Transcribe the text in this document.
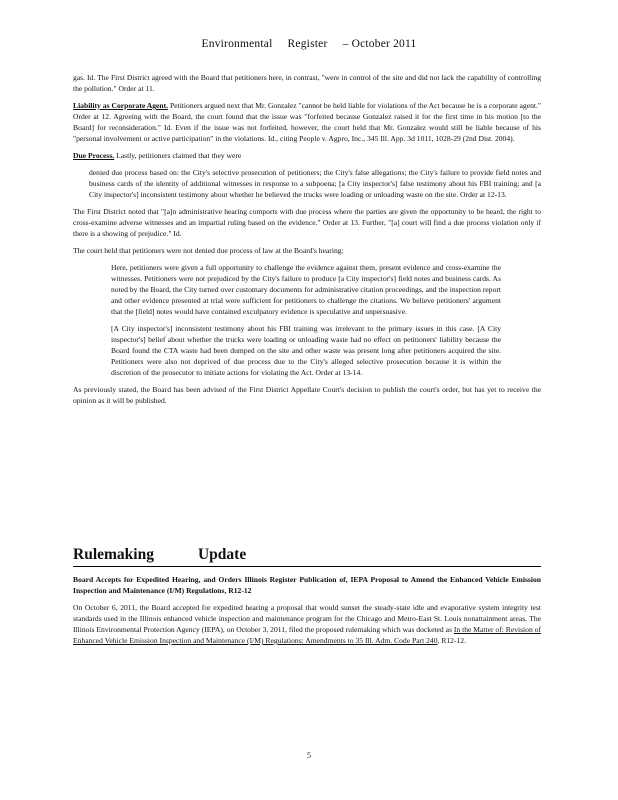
Environmental Register – October 2011

gas. Id. The First District agreed with the Board that petitioners here, in contrast, "were in control of the site and did not lack the capability of controlling the pollution." Order at 11.

Liability as Corporate Agent. Petitioners argued next that Mr. Gonzalez "cannot be held liable for violations of the Act because he is a corporate agent." Order at 12. Agreeing with the Board, the court found that the issue was "forfeited because Gonzalez raised it for the first time in his motion [to the Board] for reconsideration." Id. Even if the issue was not forfeited, however, the court held that Mr. Gonzalez would still be liable because of his "personal involvement or active participation" in the violations. Id., citing People v. Agpro, Inc., 345 Ill. App. 3d 1011, 1028-29 (2nd Dist. 2004).

Due Process. Lastly, petitioners claimed that they were

denied due process based on: the City's selective prosecution of petitioners; the City's false allegations; the City's failure to provide field notes and business cards of the identity of additional witnesses in response to a subpoena; [a City inspector's] false testimony about his FBI training; and [a City inspector's] inconsistent testimony about whether he believed the trucks were loading or unloading waste on the site. Order at 12-13.

The First District noted that "[a]n administrative hearing comports with due process where the parties are given the opportunity to be heard, the right to cross-examine adverse witnesses and an impartial ruling based on the evidence." Order at 13. Further, "[a] court will find a due process violation only if there is a showing of prejudice." Id.

The court held that petitioners were not denied due process of law at the Board's hearing:

Here, petitioners were given a full opportunity to challenge the evidence against them, present evidence and cross-examine the witnesses. Petitioners were not prejudiced by the City's failure to produce [a City inspector's] field notes and business cards. As noted by the Board, the City turned over customary documents for administrative citation proceedings, and the inspection report and other evidence presented at trial were sufficient for petitioners to challenge the citations. We believe petitioners' argument that the [field] notes would have contained exculpatory evidence is speculative and unpersuasive.

[A City inspector's] inconsistent testimony about his FBI training was irrelevant to the primary issues in this case. [A City inspector's] belief about whether the trucks were loading or unloading waste had no effect on petitioners' liability because the Board found the CTA waste had been dumped on the site and other waste was present long after petitioners acquired the site. Petitioners were also not deprived of due process due to the City's alleged selective prosecution because it is within the discretion of the prosecutor to initiate actions for violating the Act. Order at 13-14.

As previously stated, the Board has been advised of the First District Appellate Court's decision to publish the court's order, but has yet to receive the opinion as it will be published.

Rulemaking	Update

Board Accepts for Expedited Hearing, and Orders Illinois Register Publication of, IEPA Proposal to Amend the Enhanced Vehicle Emission Inspection and Maintenance (I/M) Regulations, R12-12

On October 6, 2011, the Board accepted for expedited hearing a proposal that would sunset the steady-state idle and evaporative system integrity test standards used in the Illinois enhanced vehicle inspection and maintenance program for the Chicago and Metro-East St. Louis nonattainment areas. The Illinois Environmental Protection Agency (IEPA), on October 3, 2011, filed the proposed rulemaking which was docketed as In the Matter of: Revision of Enhanced Vehicle Emission Inspection and Maintenance (I/M) Regulations: Amendments to 35 Ill. Adm. Code Part 240, R12-12.

5
